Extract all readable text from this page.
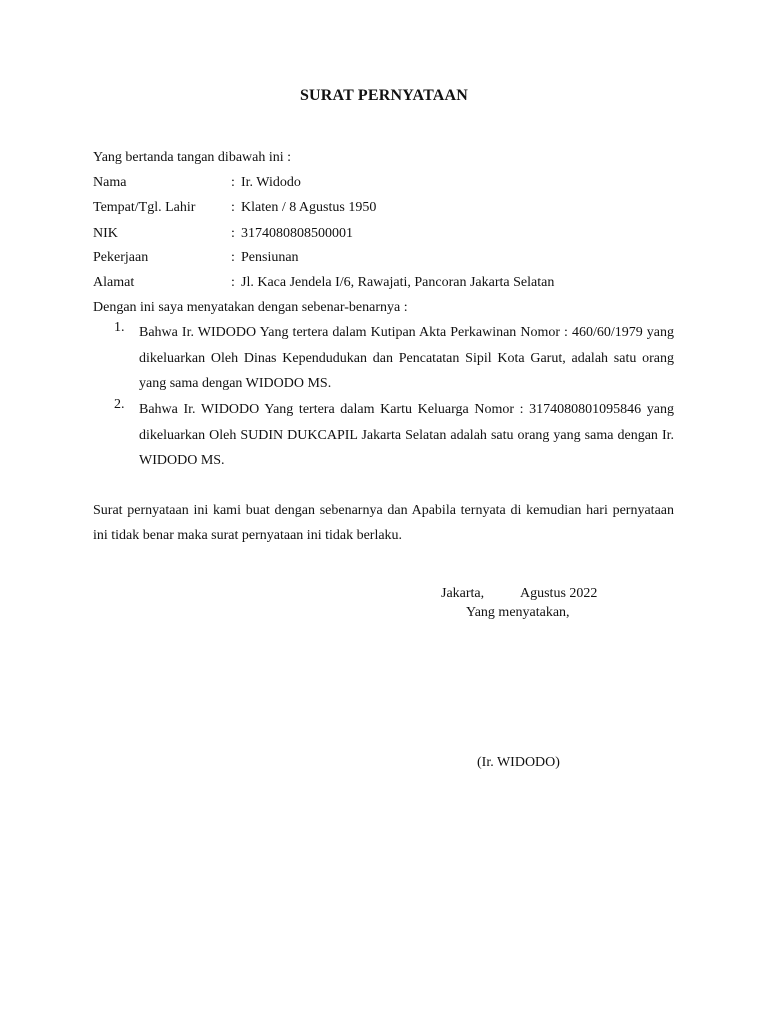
SURAT PERNYATAAN
Yang bertanda tangan dibawah ini :
Nama	: Ir. Widodo
Tempat/Tgl. Lahir	: Klaten / 8 Agustus 1950
NIK	: 3174080808500001
Pekerjaan	: Pensiunan
Alamat	: Jl. Kaca Jendela I/6, Rawajati, Pancoran Jakarta Selatan
Dengan ini saya menyatakan dengan sebenar-benarnya :
1. Bahwa Ir. WIDODO Yang tertera dalam Kutipan Akta Perkawinan Nomor : 460/60/1979 yang dikeluarkan Oleh Dinas Kependudukan dan Pencatatan Sipil Kota Garut, adalah satu orang yang sama dengan WIDODO MS.
2. Bahwa Ir. WIDODO Yang tertera dalam Kartu Keluarga Nomor : 3174080801095846 yang dikeluarkan Oleh SUDIN DUKCAPIL Jakarta Selatan adalah satu orang yang sama dengan Ir. WIDODO MS.
Surat pernyataan ini kami buat dengan sebenarnya dan Apabila ternyata di kemudian hari pernyataan ini tidak benar maka surat pernyataan ini tidak berlaku.
Jakarta,	Agustus 2022
Yang menyatakan,
(Ir. WIDODO)
